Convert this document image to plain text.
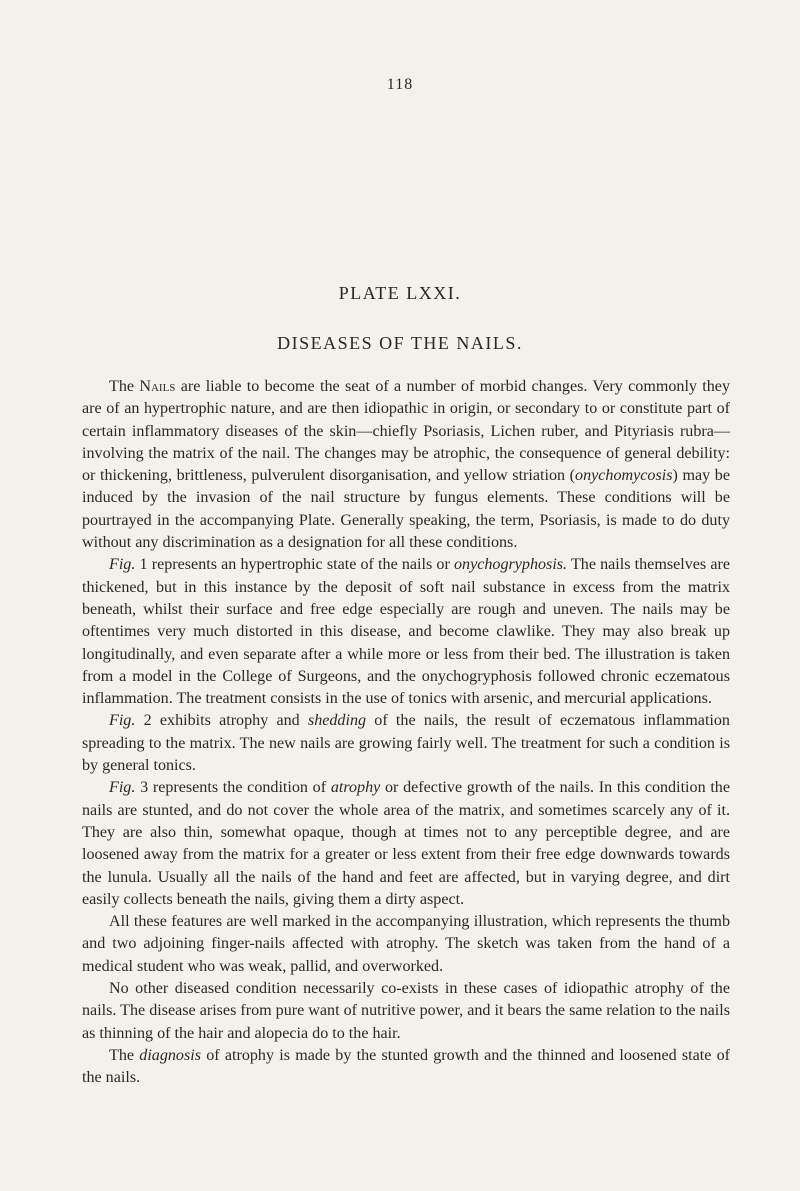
118
PLATE LXXI.
DISEASES OF THE NAILS.

The Nails are liable to become the seat of a number of morbid changes. Very commonly they are of an hypertrophic nature, and are then idiopathic in origin, or secondary to or constitute part of certain inflammatory diseases of the skin—chiefly Psoriasis, Lichen ruber, and Pityriasis rubra—involving the matrix of the nail. The changes may be atrophic, the consequence of general debility: or thickening, brittleness, pulverulent disorganisation, and yellow striation (onychomycosis) may be induced by the invasion of the nail structure by fungus elements. These conditions will be pourtrayed in the accompanying Plate. Generally speaking, the term, Psoriasis, is made to do duty without any discrimination as a designation for all these conditions.

Fig. 1 represents an hypertrophic state of the nails or onychogryphosis. The nails themselves are thickened, but in this instance by the deposit of soft nail substance in excess from the matrix beneath, whilst their surface and free edge especially are rough and uneven. The nails may be oftentimes very much distorted in this disease, and become clawlike. They may also break up longitudinally, and even separate after a while more or less from their bed. The illustration is taken from a model in the College of Surgeons, and the onychogryphosis followed chronic eczematous inflammation. The treatment consists in the use of tonics with arsenic, and mercurial applications.

Fig. 2 exhibits atrophy and shedding of the nails, the result of eczematous inflammation spreading to the matrix. The new nails are growing fairly well. The treatment for such a condition is by general tonics.

Fig. 3 represents the condition of atrophy or defective growth of the nails. In this condition the nails are stunted, and do not cover the whole area of the matrix, and sometimes scarcely any of it. They are also thin, somewhat opaque, though at times not to any perceptible degree, and are loosened away from the matrix for a greater or less extent from their free edge downwards towards the lunula. Usually all the nails of the hand and feet are affected, but in varying degree, and dirt easily collects beneath the nails, giving them a dirty aspect.

All these features are well marked in the accompanying illustration, which represents the thumb and two adjoining finger-nails affected with atrophy. The sketch was taken from the hand of a medical student who was weak, pallid, and overworked.

No other diseased condition necessarily co-exists in these cases of idiopathic atrophy of the nails. The disease arises from pure want of nutritive power, and it bears the same relation to the nails as thinning of the hair and alopecia do to the hair.

The diagnosis of atrophy is made by the stunted growth and the thinned and loosened state of the nails.
